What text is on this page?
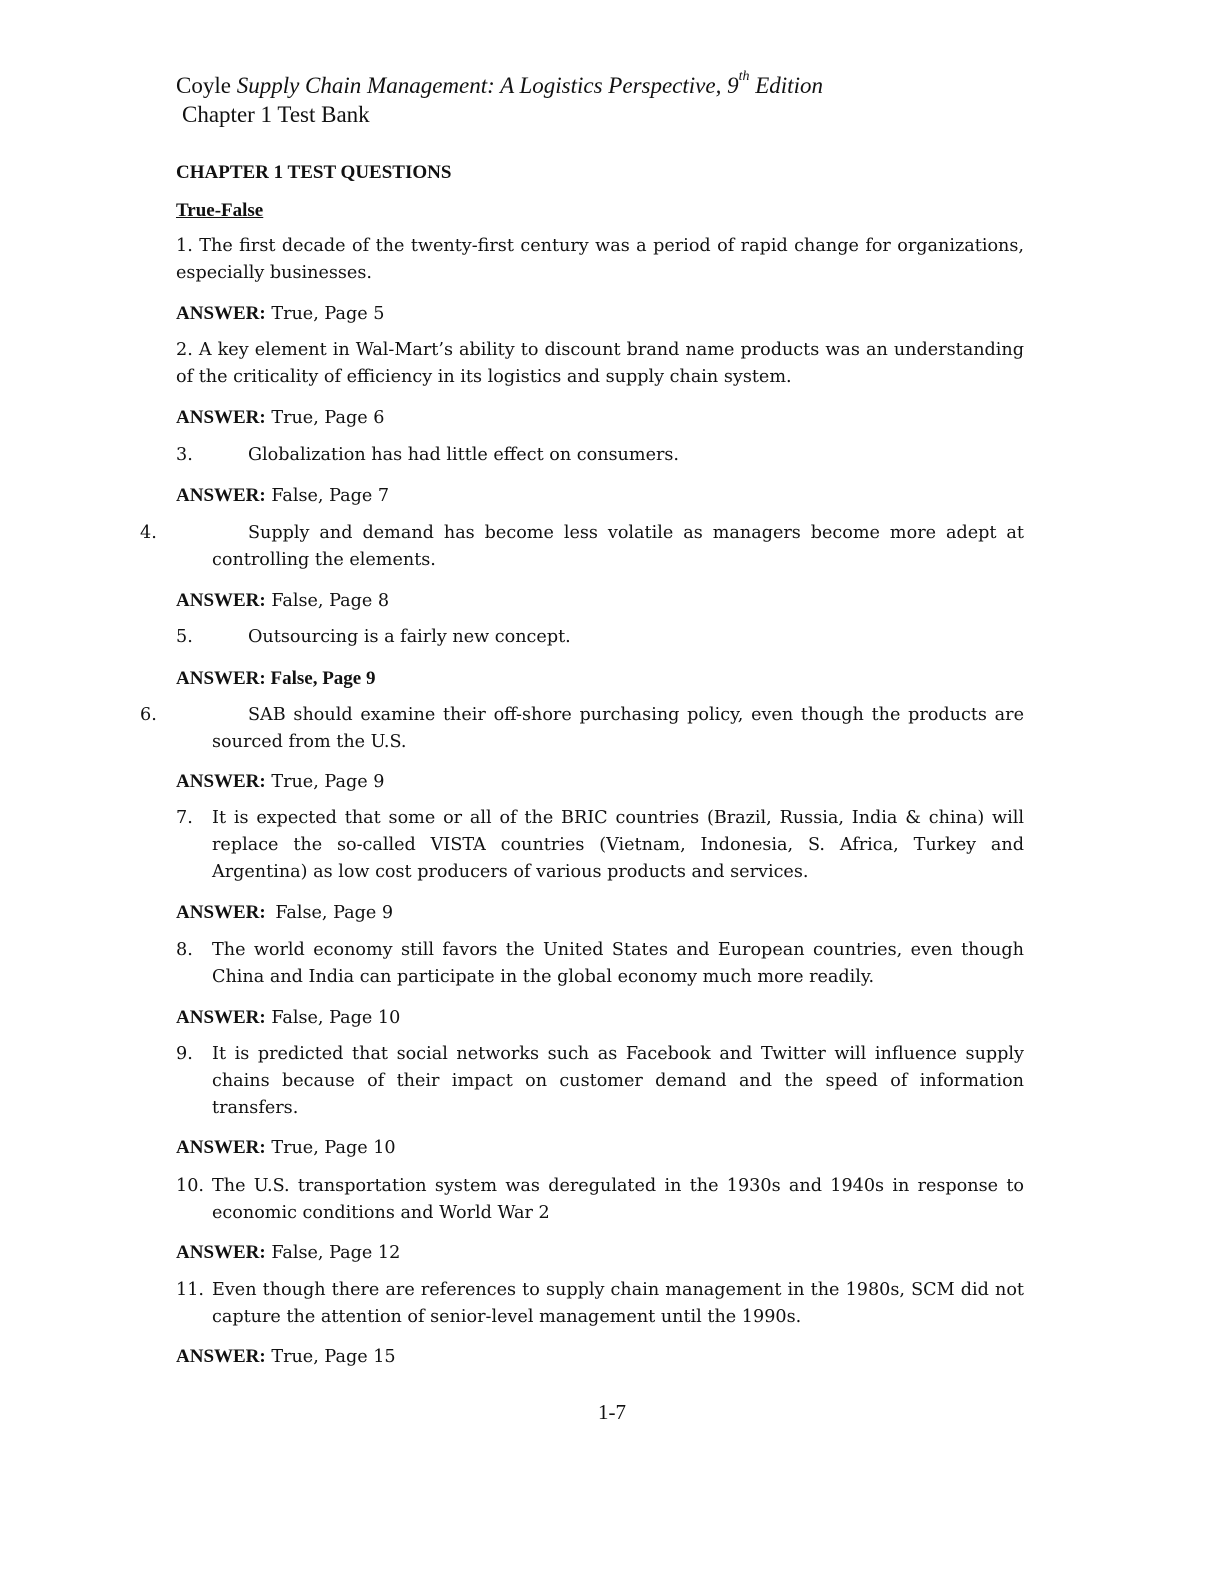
Coyle Supply Chain Management: A Logistics Perspective, 9th Edition
Chapter 1 Test Bank
CHAPTER 1 TEST QUESTIONS
True-False
1. The first decade of the twenty-first century was a period of rapid change for organizations,     especially businesses.
ANSWER: True, Page 5
2. A key element in Wal-Mart’s ability to discount brand name products was an understanding of the criticality of efficiency in its logistics and supply chain system.
ANSWER: True, Page 6
3.	Globalization has had little effect on consumers.
ANSWER: False, Page 7
4.	Supply and demand has become less volatile as managers become more adept at controlling the elements.
ANSWER: False, Page 8
5.	Outsourcing is a fairly new concept.
ANSWER: False, Page 9
6.	SAB should examine their off-shore purchasing policy, even though the products are sourced from the U.S.
ANSWER: True, Page 9
7. It is expected that some or all of the BRIC countries (Brazil, Russia, India & china) will replace the so-called VISTA countries (Vietnam, Indonesia, S. Africa, Turkey and Argentina) as low cost producers of various products and services.
ANSWER: False, Page 9
8. The world economy still favors the United States and European countries, even though China and India can participate in the global economy much more readily.
ANSWER: False, Page 10
9. It is predicted that social networks such as Facebook and Twitter will influence supply chains because of their impact on customer demand and the speed of information transfers.
ANSWER: True, Page 10
10. The U.S. transportation system was deregulated in the 1930s and 1940s in response to economic conditions and World War 2
ANSWER: False, Page 12
11. Even though there are references to supply chain management in the 1980s, SCM did not capture the attention of senior-level management until the 1990s.
ANSWER: True, Page 15
1-7
